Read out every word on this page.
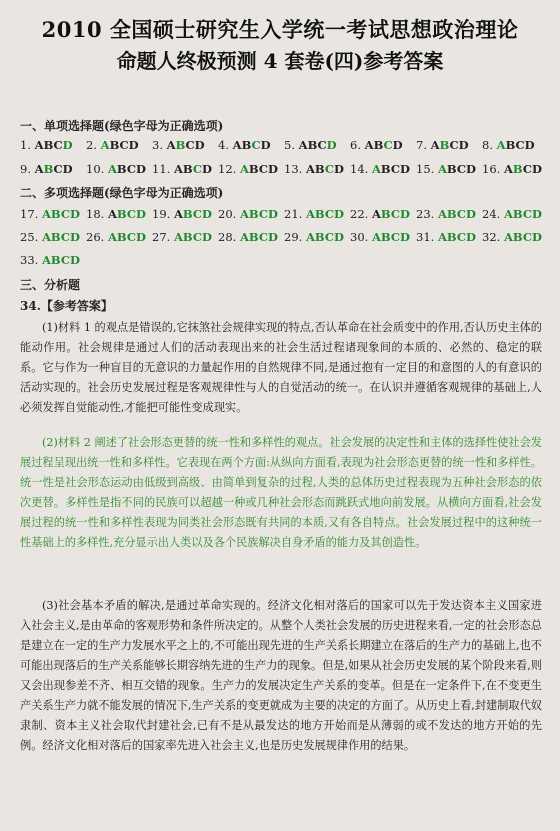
2010 全国硕士研究生入学统一考试思想政治理论
命题人终极预测 4 套卷(四)参考答案
一、单项选择题(绿色字母为正确选项)
1. ABCD 2. ABCD 3. ABCD 4. ABCD 5. ABCD 6. ABCD 7. ABCD 8. ABCD
9. ABCD 10. ABCD 11. ABCD 12. ABCD 13. ABCD 14. ABCD 15. ABCD 16. ABCD
二、多项选择题(绿色字母为正确选项)
17. ABCD 18. ABCD 19. ABCD 20. ABCD 21. ABCD 22. ABCD 23. ABCD 24. ABCD
25. ABCD 26. ABCD 27. ABCD 28. ABCD 29. ABCD 30. ABCD 31. ABCD 32. ABCD
33. ABCD
三、分析题
34.【参考答案】

(1)材料 1 的观点是错误的,它抹煞社会规律实现的特点,否认革命在社会质变中的作用,否认历史主体的能动作用。社会规律是通过人们的活动表现出来的社会生活过程诸现象间的本质的、必然的、稳定的联系。它与作为一种盲目的无意识的力量起作用的自然规律不同,是通过抱有一定目的和意图的人的有意识的活动实现的。社会历史发展过程是客观规律性与人的自觉活动的统一。在认识并遵循客观规律的基础上,人必须发挥自觉能动性,才能把可能性变成现实。

(2)材料 2 阐述了社会形态更替的统一性和多样性的观点。社会发展的决定性和主体的选择性使社会发展过程呈现出统一性和多样性。它表现在两个方面:从纵向方面看,表现为社会形态更替的统一性和多样性。统一性是社会形态运动由低级到高级、由简单到复杂的过程,人类的总体历史过程表现为五种社会形态的依次更替。多样性是指不同的民族可以超越一种或几种社会形态而跳跃式地向前发展。从横向方面看,社会发展过程的统一性和多样性表现为同类社会形态既有共同的本质,又有各自特点。社会发展过程中的这种统一性基础上的多样性,充分显示出人类以及各个民族解决自身矛盾的能力及其创造性。

(3)社会基本矛盾的解决,是通过革命实现的。经济文化相对落后的国家可以先于发达资本主义国家进入社会主义,是由革命的客观形势和条件所决定的。从整个人类社会发展的历史进程来看,一定的社会形态总是建立在一定的生产力发展水平之上的,不可能出现先进的生产关系长期建立在落后的生产力的基础上,也不可能出现落后的生产关系能够长期容纳先进的生产力的现象。但是,如果从社会历史发展的某个阶段来看,则又会出现参差不齐、相互交错的现象。生产力的发展决定生产关系的变革。但是在一定条件下,在不变更生产关系生产力就不能发展的情况下,生产关系的变更就成为主要的决定的方面了。从历史上看,封建制取代奴隶制、资本主义社会取代封建社会,已有不是从最发达的地方开始而是从薄弱的或不发达的地方开始的先例。经济文化相对落后的国家率先进入社会主义,也是历史发展规律作用的结果。
